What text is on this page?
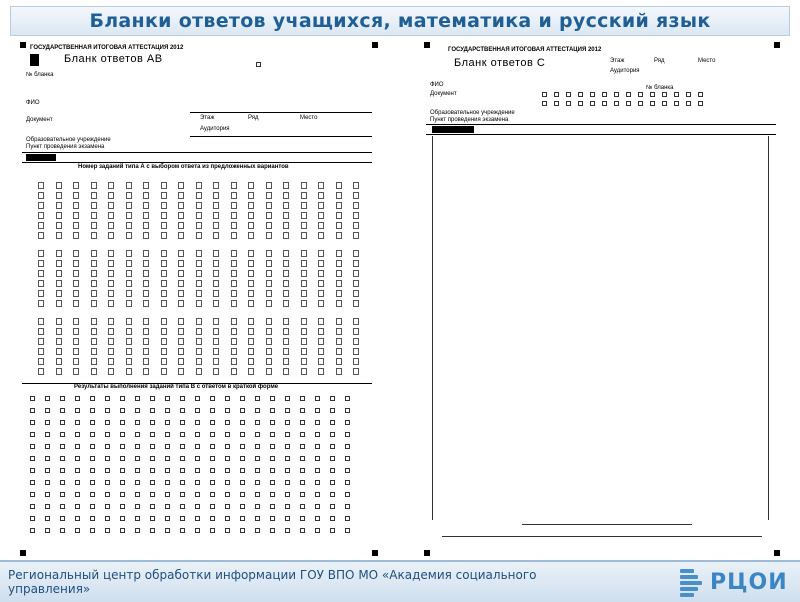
Бланки ответов учащихся, математика и русский язык
ГОСУДАРСТВЕННАЯ ИТОГОВАЯ АТТЕСТАЦИЯ 2012
Бланк ответов АВ
№ бланка
ФИО
Документ	Этаж	Ряд	Место
Аудитория
Образовательное учреждение
Пункт проведения экзамена
Номер заданий типа А с выбором ответа из предложенных вариантов
Результаты выполнения заданий типа В с ответом в краткой форме
ГОСУДАРСТВЕННАЯ ИТОГОВАЯ АТТЕСТАЦИЯ 2012
Бланк ответов С	Этаж	Ряд	Место
Аудитория
ФИО
Документ
№ бланка
Образовательное учреждение
Пункт проведения экзамена
Региональный центр обработки информации ГОУ ВПО МО «Академия социального управления»	РЦОИ
